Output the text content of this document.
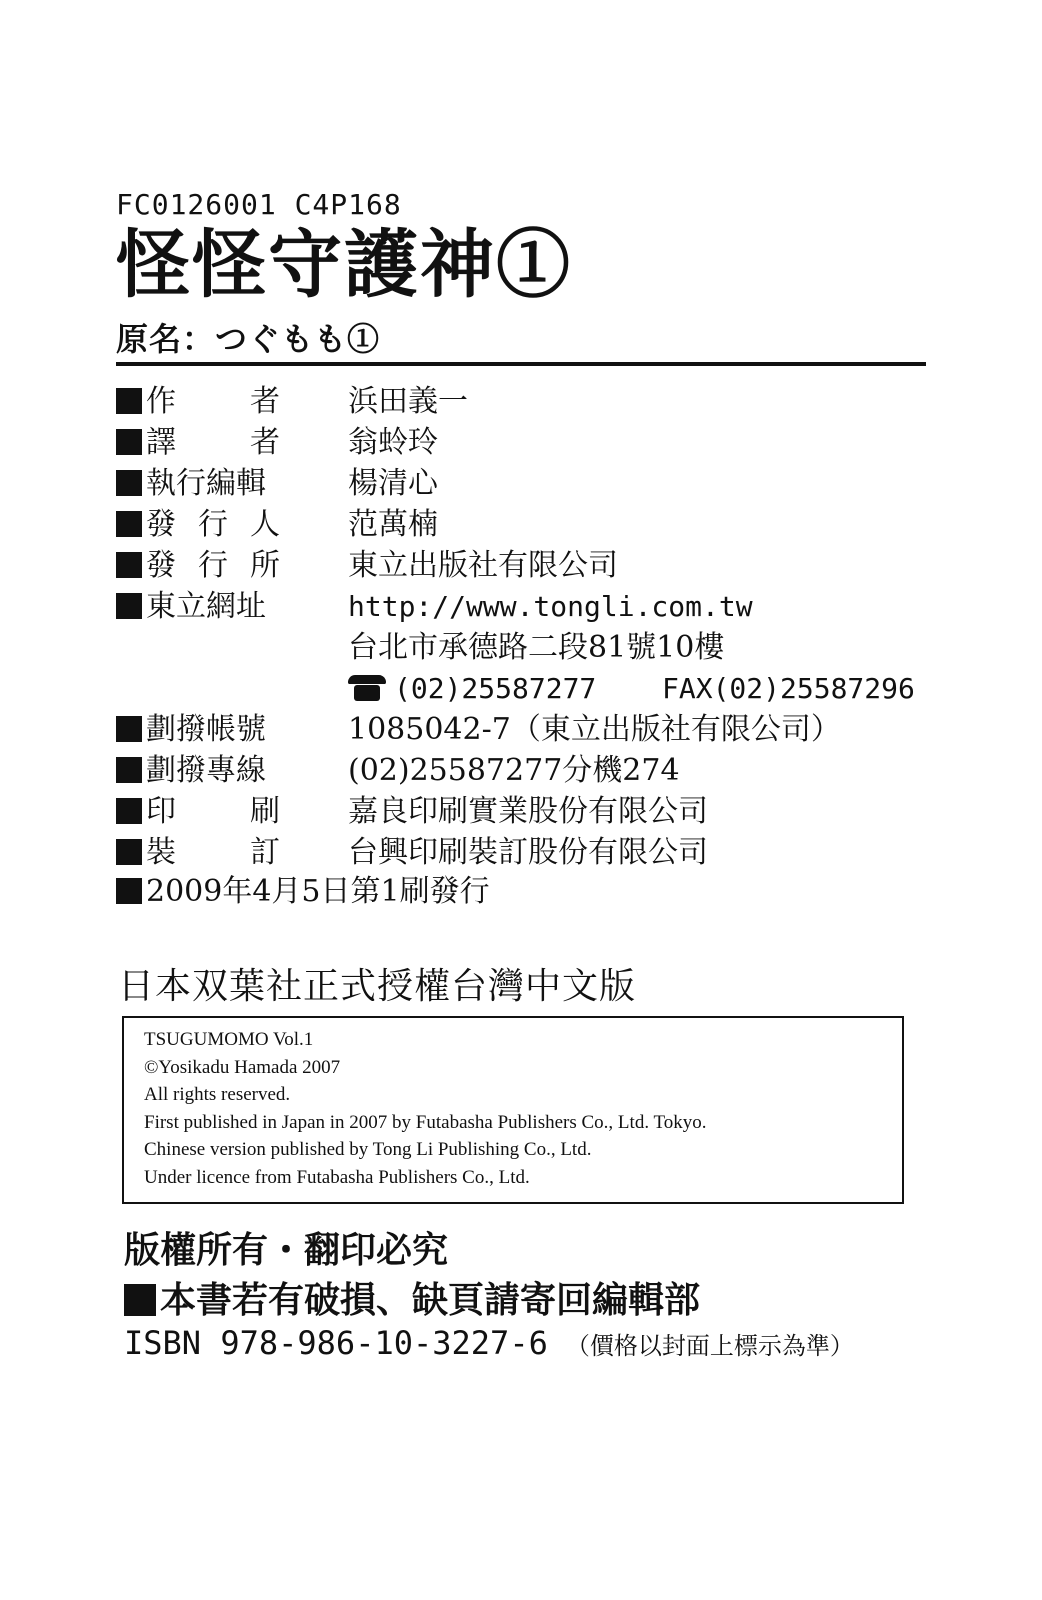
FC0126001 C4P168
怪怪守護神①
原名：つぐもも①
作 者 浜田義一
譯 者 翁蛉玲
執行編輯	楊清心
發 行 人 范萬楠
發 行 所 東立出版社有限公司
東立網址	http://www.tongli.com.tw
台北市承德路二段81號10樓
(02)25587277 FAX(02)25587296
劃撥帳號	1085042-7（東立出版社有限公司）
劃撥專線	(02)25587277分機274
印 刷 嘉良印刷實業股份有限公司
裝 訂 台興印刷裝訂股份有限公司
2009年4月5日第1刷發行
日本双葉社正式授權台灣中文版
TSUGUMOMO Vol.1
©Yosikadu Hamada 2007
All rights reserved.
First published in Japan in 2007 by Futabasha Publishers Co., Ltd. Tokyo.
Chinese version published by Tong Li Publishing Co., Ltd.
Under licence from Futabasha Publishers Co., Ltd.
版權所有・翻印必究
本書若有破損、缺頁請寄回編輯部
ISBN 978-986-10-3227-6 （價格以封面上標示為準）
